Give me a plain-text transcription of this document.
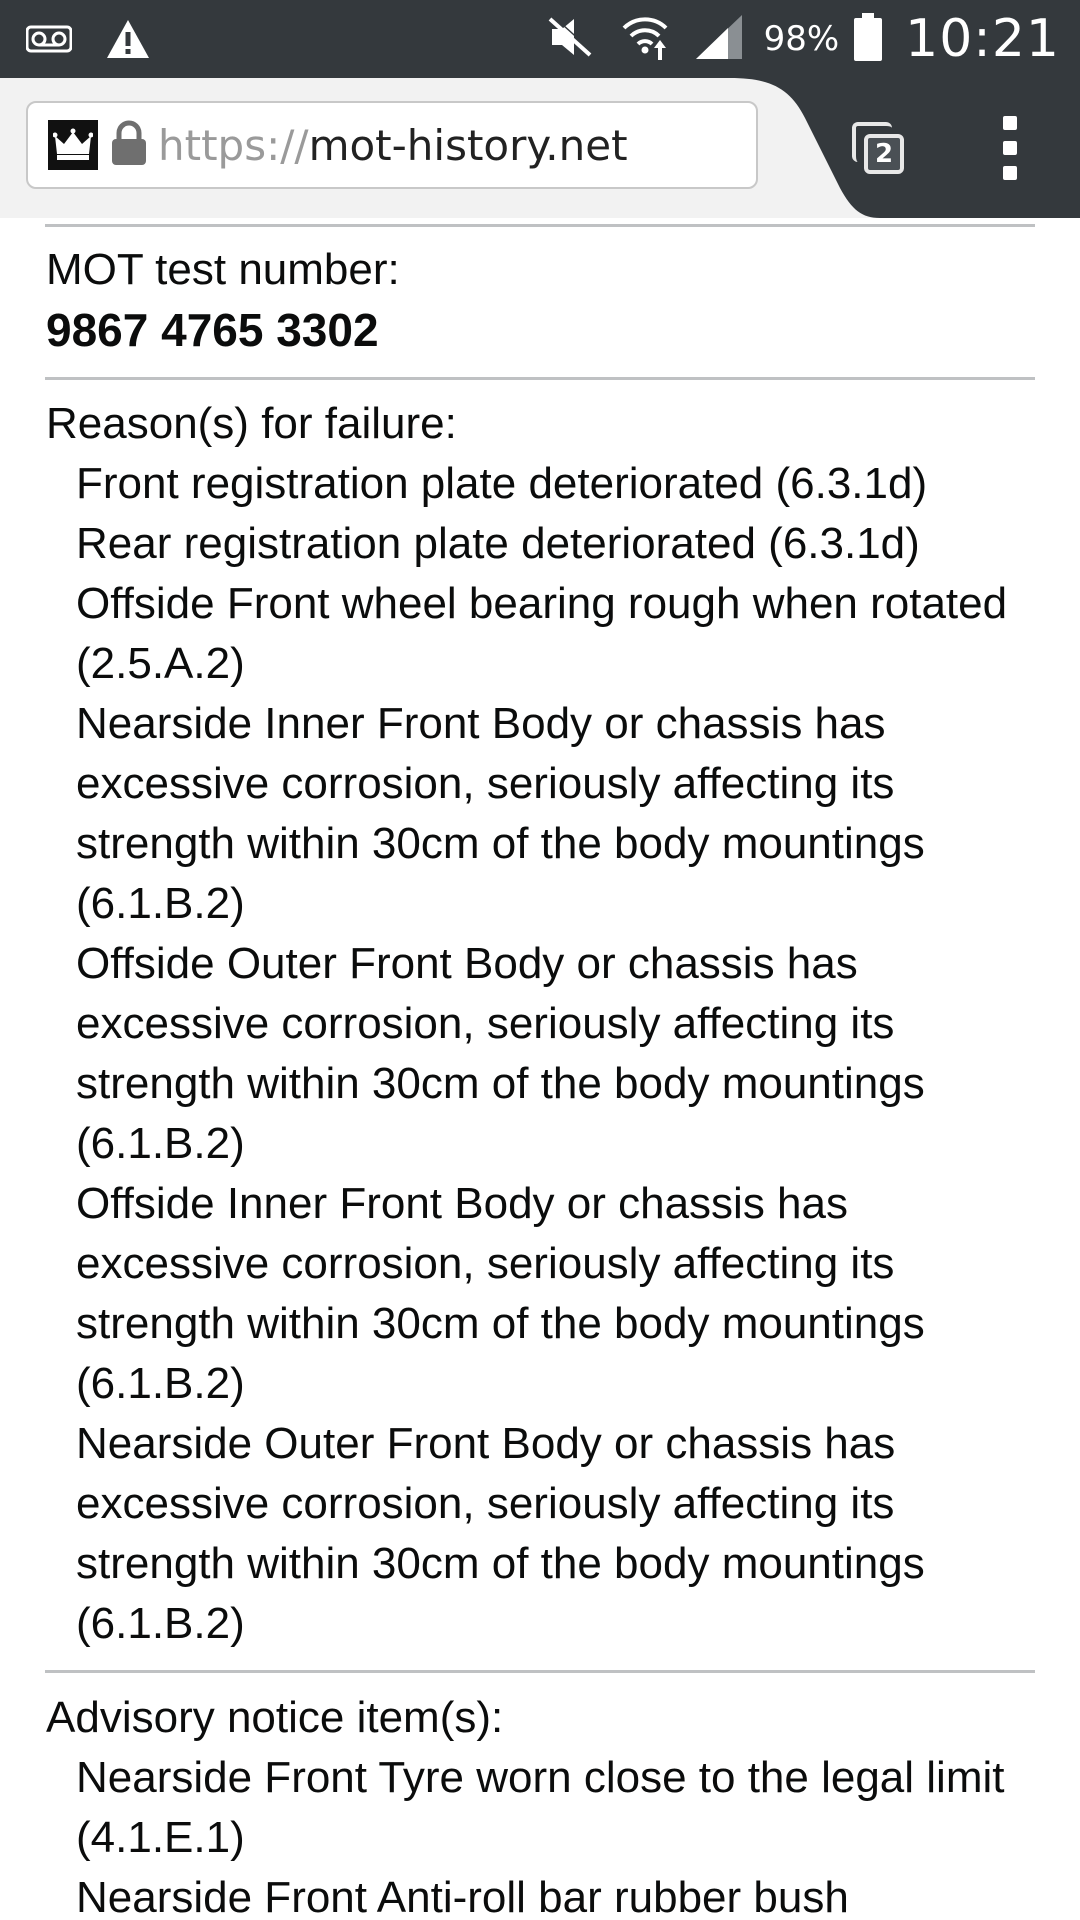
98% 10:21
https://mot-history.net	2
MOT test number:
9867 4765 3302
Reason(s) for failure:
Front registration plate deteriorated (6.3.1d)
Rear registration plate deteriorated (6.3.1d)
Offside Front wheel bearing rough when rotated (2.5.A.2)
Nearside Inner Front Body or chassis has excessive corrosion, seriously affecting its strength within 30cm of the body mountings (6.1.B.2)
Offside Outer Front Body or chassis has excessive corrosion, seriously affecting its strength within 30cm of the body mountings (6.1.B.2)
Offside Inner Front Body or chassis has excessive corrosion, seriously affecting its strength within 30cm of the body mountings (6.1.B.2)
Nearside Outer Front Body or chassis has excessive corrosion, seriously affecting its strength within 30cm of the body mountings (6.1.B.2)
Advisory notice item(s):
Nearside Front Tyre worn close to the legal limit (4.1.E.1)
Nearside Front Anti-roll bar rubber bush
